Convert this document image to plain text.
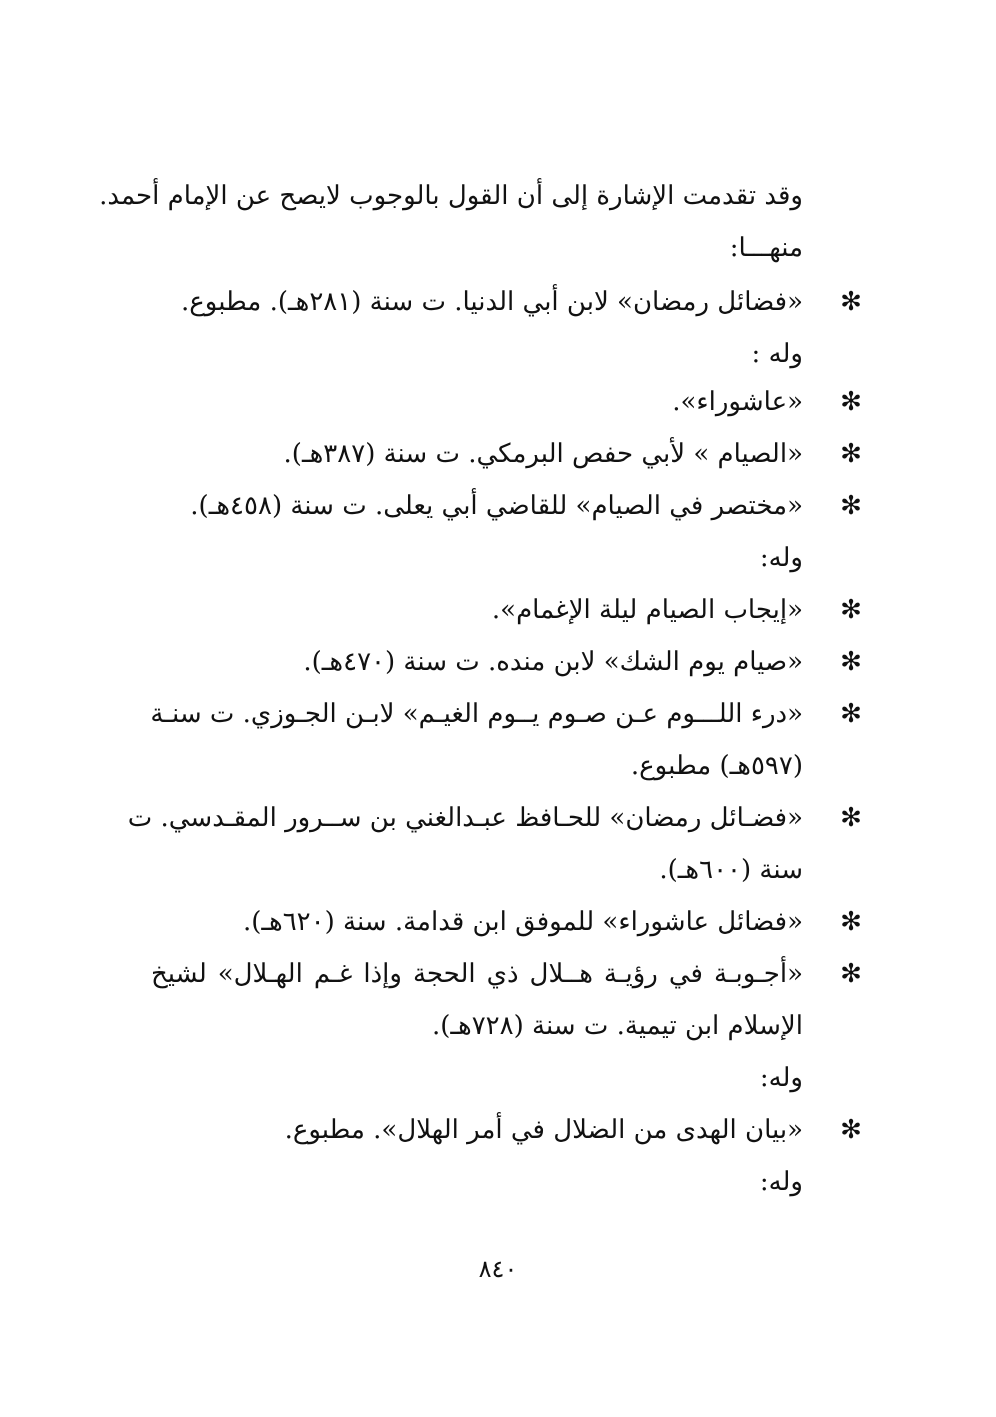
وقد تقدمت الإشارة إلى أن القول بالوجوب لايصح عن الإمام أحمد.
منهـــا:
✻
«فضائل رمضان» لابن أبي الدنيا. ت سنة (٢٨١هـ). مطبوع.
وله :
✻
«عاشوراء».
✻
«الصيام » لأبي حفص البرمكي. ت سنة (٣٨٧هـ).
✻
«مختصر في الصيام» للقاضي أبي يعلى. ت سنة (٤٥٨هـ).
وله:
✻
«إيجاب الصيام ليلة الإغمام».
✻
«صيام يوم الشك» لابن منده. ت سنة (٤٧٠هـ).
✻
«درء اللـــوم عـن صـوم يــوم الغيـم» لابـن الجـوزي. ت سنـة
(٥٩٧هـ) مطبوع.
✻
«فضـائل رمضان» للحـافظ عبـدالغني بن ســرور المقـدسي. ت
سنة (٦٠٠هـ).
✻
«فضائل عاشوراء» للموفق ابن قدامة. سنة (٦٢٠هـ).
✻
«أجـوبـة في رؤيـة هــلال ذي الحجة وإذا غـم الهـلال» لشيخ
الإسلام ابن تيمية. ت سنة (٧٢٨هـ).
وله:
✻
«بيان الهدى من الضلال في أمر الهلال». مطبوع.
وله:
٨٤٠
